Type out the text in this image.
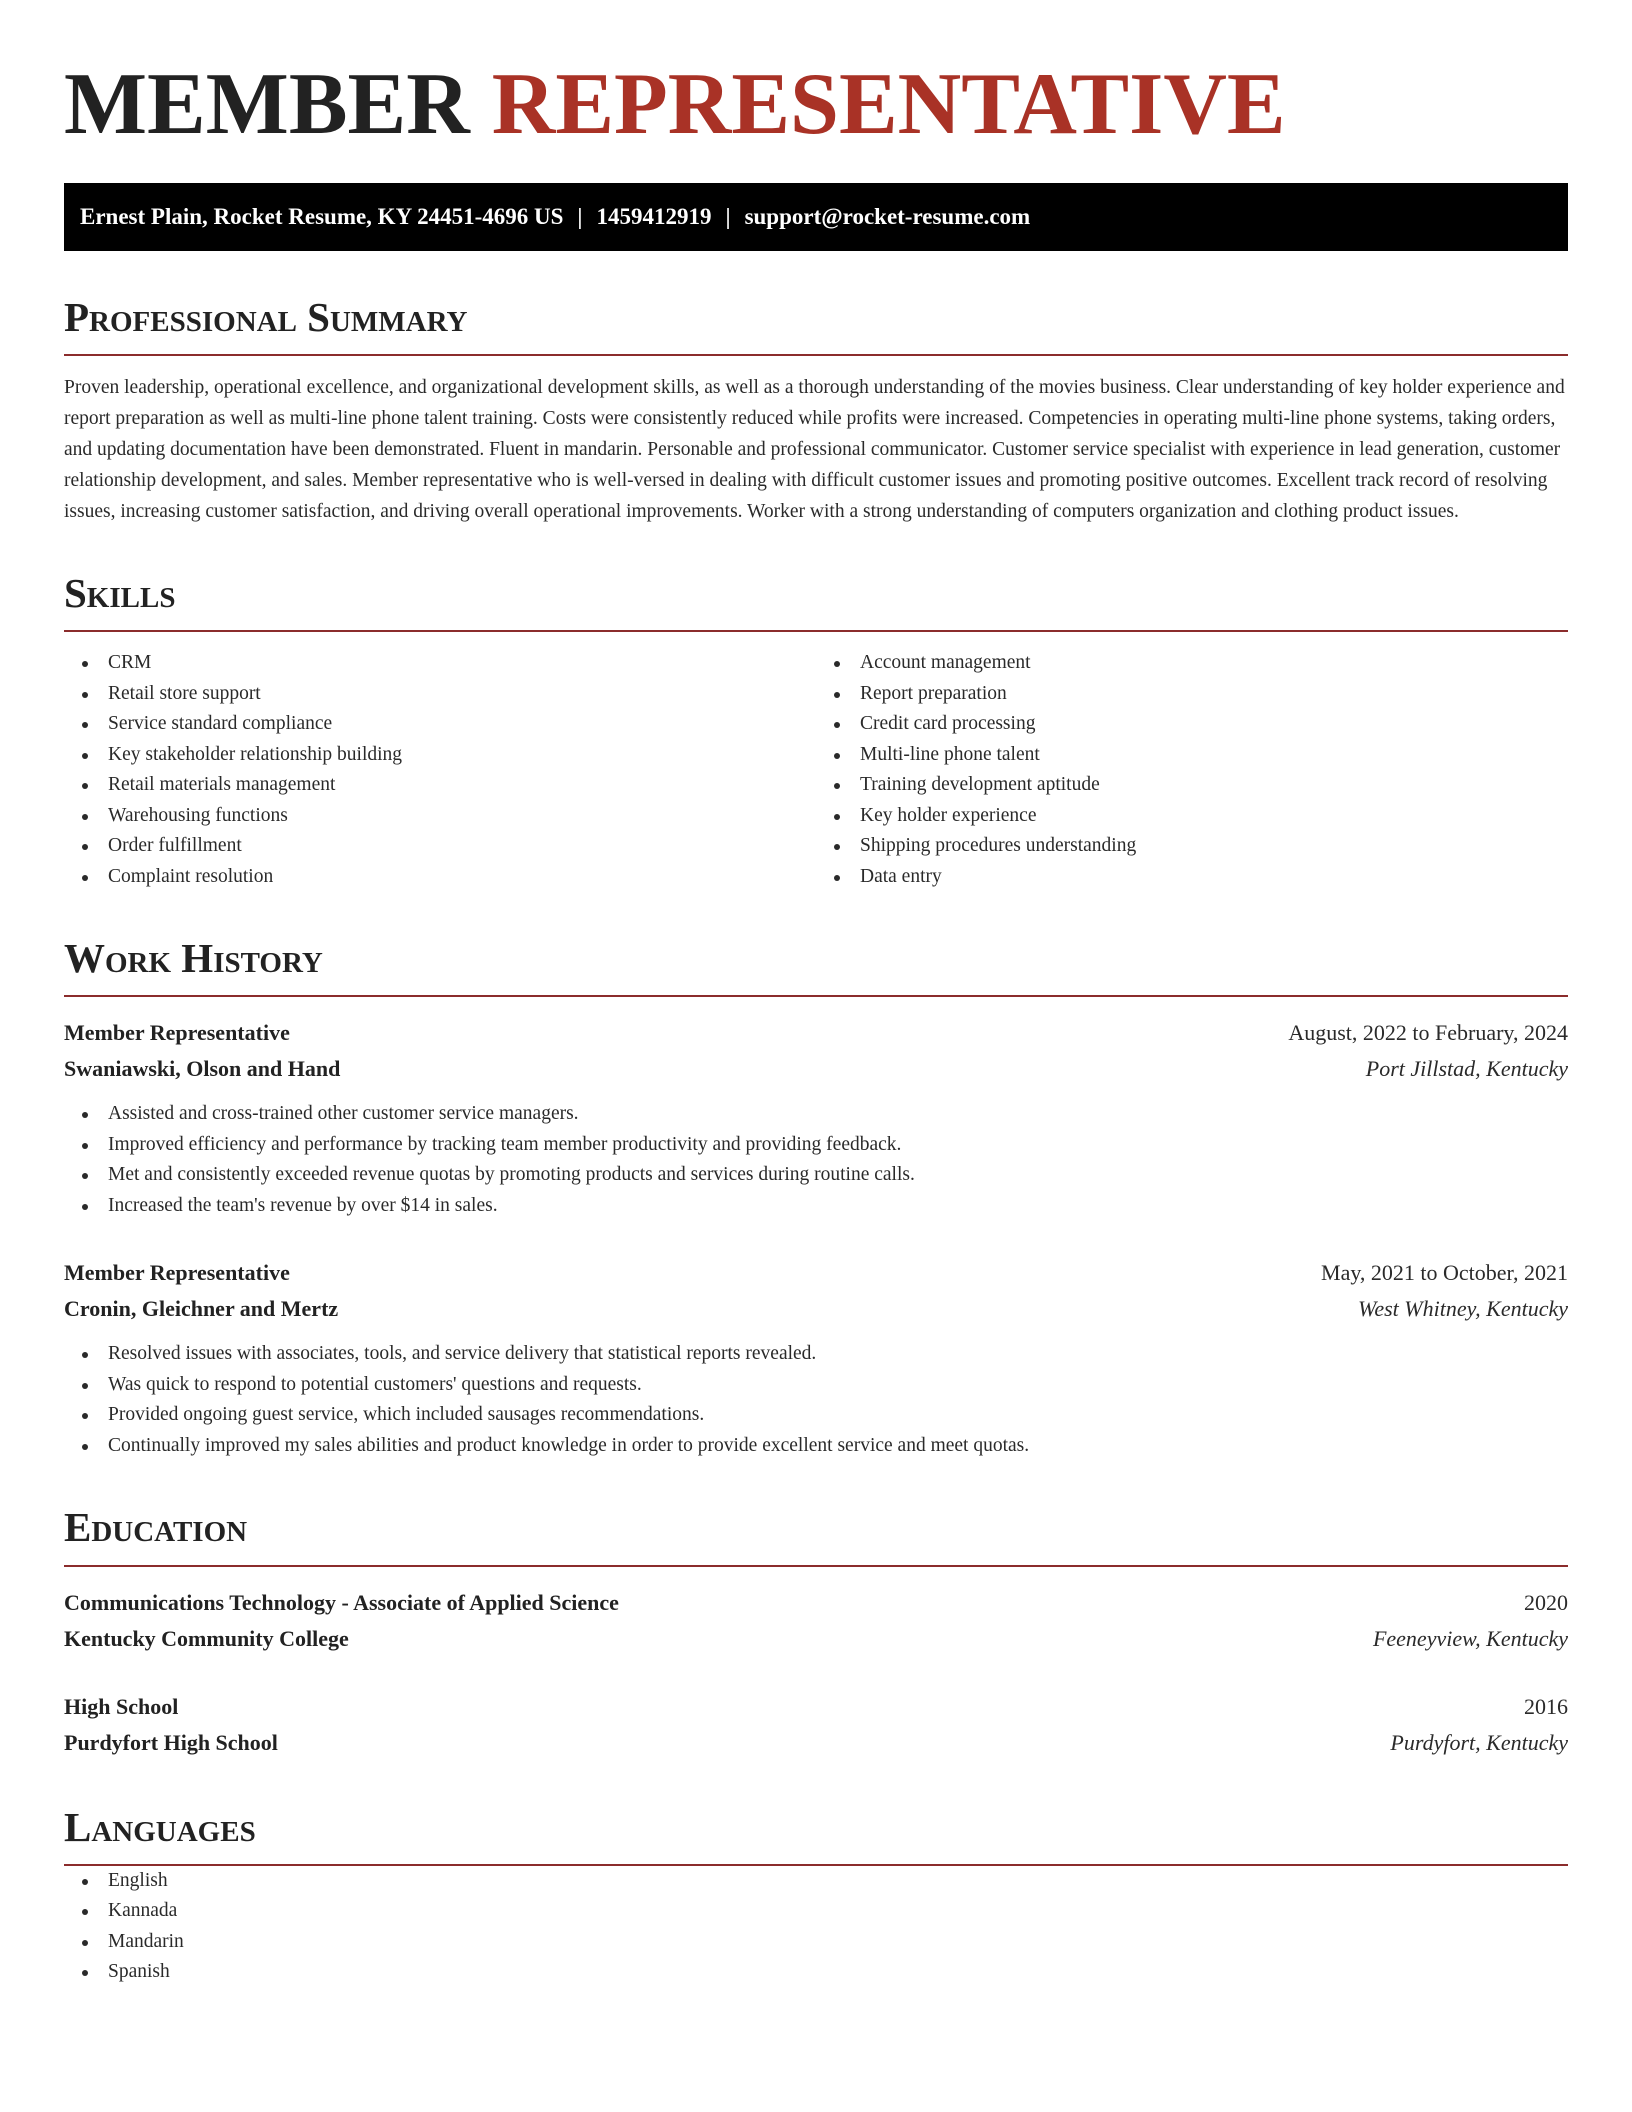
MEMBER REPRESENTATIVE
Ernest Plain, Rocket Resume, KY 24451-4696 US | 1459412919 | support@rocket-resume.com
Professional Summary

Proven leadership, operational excellence, and organizational development skills, as well as a thorough understanding of the movies business. Clear understanding of key holder experience and report preparation as well as multi-line phone talent training. Costs were consistently reduced while profits were increased. Competencies in operating multi-line phone systems, taking orders, and updating documentation have been demonstrated. Fluent in mandarin. Personable and professional communicator. Customer service specialist with experience in lead generation, customer relationship development, and sales. Member representative who is well-versed in dealing with difficult customer issues and promoting positive outcomes. Excellent track record of resolving issues, increasing customer satisfaction, and driving overall operational improvements. Worker with a strong understanding of computers organization and clothing product issues.

Skills
CRM
Retail store support
Service standard compliance
Key stakeholder relationship building
Retail materials management
Warehousing functions
Order fulfillment
Complaint resolution
Account management
Report preparation
Credit card processing
Multi-line phone talent
Training development aptitude
Key holder experience
Shipping procedures understanding
Data entry
Work History
Member Representative	August, 2022 to February, 2024
Swaniawski, Olson and Hand	Port Jillstad, Kentucky
Assisted and cross-trained other customer service managers.
Improved efficiency and performance by tracking team member productivity and providing feedback.
Met and consistently exceeded revenue quotas by promoting products and services during routine calls.
Increased the team's revenue by over $14 in sales.
Member Representative	May, 2021 to October, 2021
Cronin, Gleichner and Mertz	West Whitney, Kentucky
Resolved issues with associates, tools, and service delivery that statistical reports revealed.
Was quick to respond to potential customers' questions and requests.
Provided ongoing guest service, which included sausages recommendations.
Continually improved my sales abilities and product knowledge in order to provide excellent service and meet quotas.
Education
Communications Technology - Associate of Applied Science	2020
Kentucky Community College	Feeneyview, Kentucky
High School	2016
Purdyfort High School	Purdyfort, Kentucky
Languages
English
Kannada
Mandarin
Spanish
